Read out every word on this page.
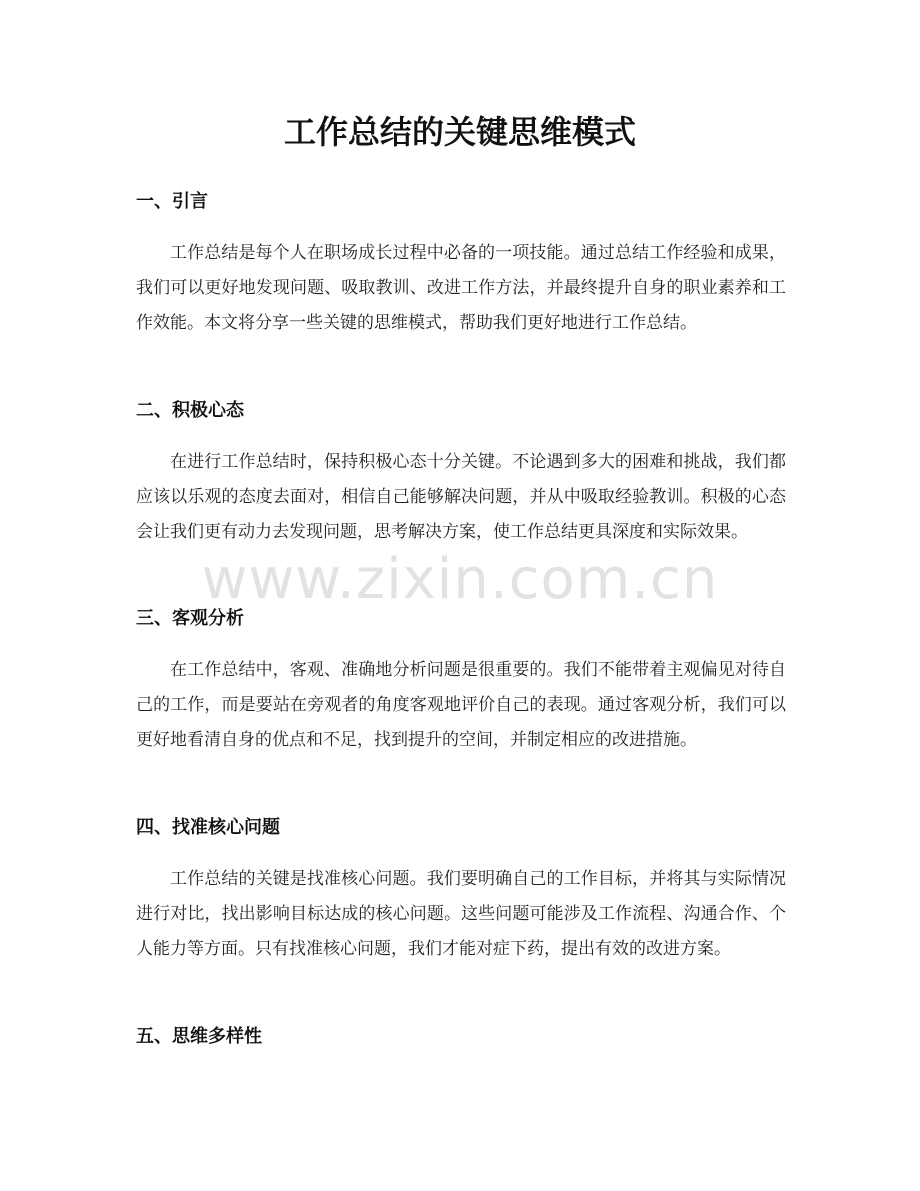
工作总结的关键思维模式
一、引言

工作总结是每个人在职场成长过程中必备的一项技能。通过总结工作经验和成果，我们可以更好地发现问题、吸取教训、改进工作方法，并最终提升自身的职业素养和工作效能。本文将分享一些关键的思维模式，帮助我们更好地进行工作总结。

二、积极心态

在进行工作总结时，保持积极心态十分关键。不论遇到多大的困难和挑战，我们都应该以乐观的态度去面对，相信自己能够解决问题，并从中吸取经验教训。积极的心态会让我们更有动力去发现问题，思考解决方案，使工作总结更具深度和实际效果。

三、客观分析

在工作总结中，客观、准确地分析问题是很重要的。我们不能带着主观偏见对待自己的工作，而是要站在旁观者的角度客观地评价自己的表现。通过客观分析，我们可以更好地看清自身的优点和不足，找到提升的空间，并制定相应的改进措施。

四、找准核心问题

工作总结的关键是找准核心问题。我们要明确自己的工作目标，并将其与实际情况进行对比，找出影响目标达成的核心问题。这些问题可能涉及工作流程、沟通合作、个人能力等方面。只有找准核心问题，我们才能对症下药，提出有效的改进方案。

五、思维多样性
www.zixin.com.cn
